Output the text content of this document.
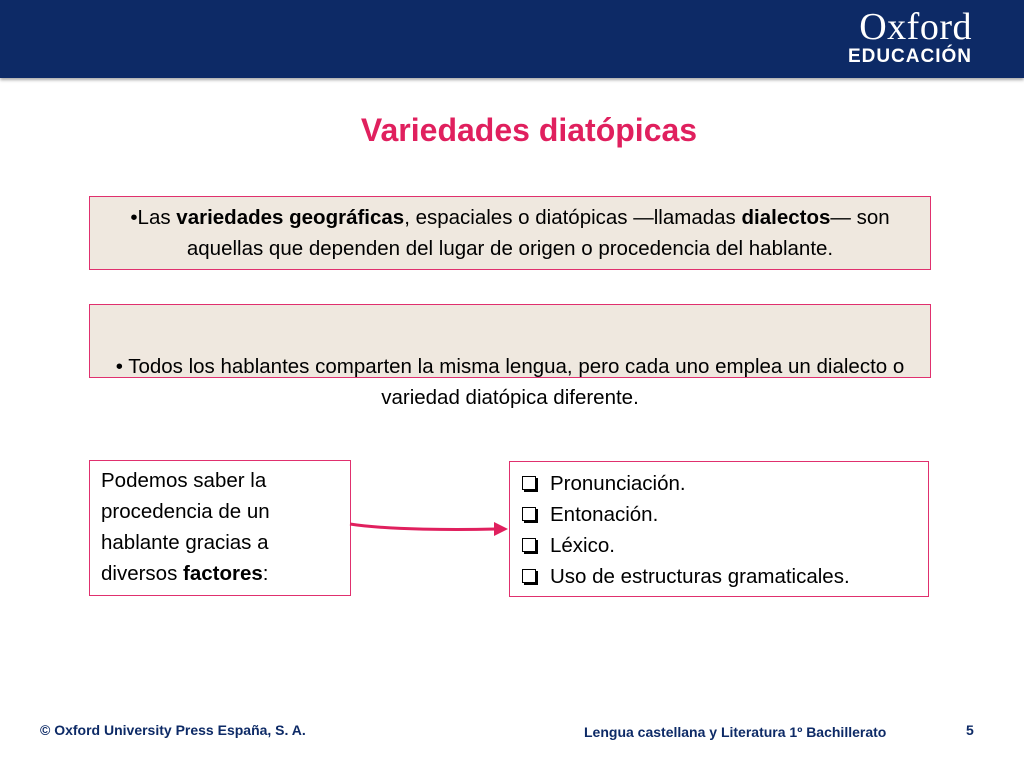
Oxford
EDUCACIÓN
Variedades diatópicas
•Las variedades geográficas, espaciales o diatópicas —llamadas dialectos— son aquellas que dependen del lugar de origen o procedencia del hablante.
• Todos los hablantes comparten la misma lengua, pero cada uno emplea un dialecto o variedad diatópica diferente.
Podemos saber la procedencia de un hablante gracias a diversos factores:
Pronunciación.
Entonación.
Léxico.
Uso de estructuras gramaticales.
© Oxford University Press España, S. A.	Lengua castellana y Literatura 1º Bachillerato	5
